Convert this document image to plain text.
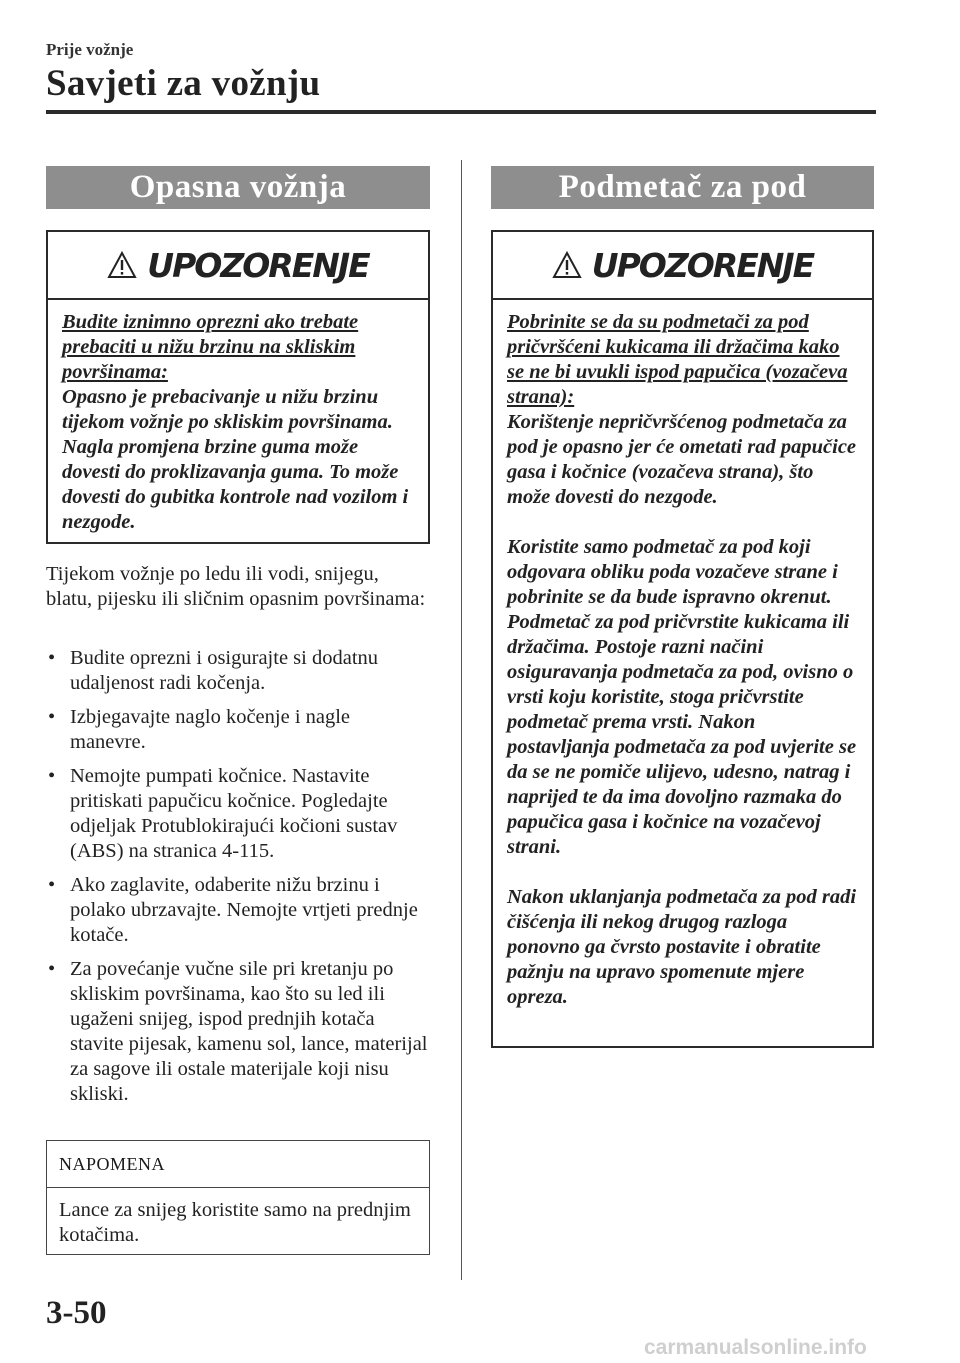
Prije vožnje
Savjeti za vožnju
Opasna vožnja
UPOZORENJE

Budite iznimno oprezni ako trebate prebaciti u nižu brzinu na skliskim površinama:

Opasno je prebacivanje u nižu brzinu tijekom vožnje po skliskim površinama. Nagla promjena brzine guma može dovesti do proklizavanja guma. To može dovesti do gubitka kontrole nad vozilom i nezgode.

Tijekom vožnje po ledu ili vodi, snijegu, blatu, pijesku ili sličnim opasnim površinama:
• Budite oprezni i osigurajte si dodatnu udaljenost radi kočenja.
• Izbjegavajte naglo kočenje i nagle manevre.
• Nemojte pumpati kočnice. Nastavite pritiskati papučicu kočnice. Pogledajte odjeljak Protublokirajući kočioni sustav (ABS) na stranica 4-115.
• Ako zaglavite, odaberite nižu brzinu i polako ubrzavajte. Nemojte vrtjeti prednje kotače.
• Za povećanje vučne sile pri kretanju po skliskim površinama, kao što su led ili ugaženi snijeg, ispod prednjih kotača stavite pijesak, kamenu sol, lance, materijal za sagove ili ostale materijale koji nisu skliski.
NAPOMENA
Lance za snijeg koristite samo na prednjim kotačima.
Podmetač za pod
UPOZORENJE

Pobrinite se da su podmetači za pod pričvršćeni kukicama ili držačima kako se ne bi uvukli ispod papučica (vozačeva strana):

Korištenje nepričvršćenog podmetača za pod je opasno jer će ometati rad papučice gasa i kočnice (vozačeva strana), što može dovesti do nezgode.

Koristite samo podmetač za pod koji odgovara obliku poda vozačeve strane i pobrinite se da bude ispravno okrenut. Podmetač za pod pričvrstite kukicama ili držačima. Postoje razni načini osiguravanja podmetača za pod, ovisno o vrsti koju koristite, stoga pričvrstite podmetač prema vrsti. Nakon postavljanja podmetača za pod uvjerite se da se ne pomiče ulijevo, udesno, natrag i naprijed te da ima dovoljno razmaka do papučica gasa i kočnice na vozačevoj strani.

Nakon uklanjanja podmetača za pod radi čišćenja ili nekog drugog razloga ponovno ga čvrsto postavite i obratite pažnju na upravo spomenute mjere opreza.

3-50
carmanualsonline.info
